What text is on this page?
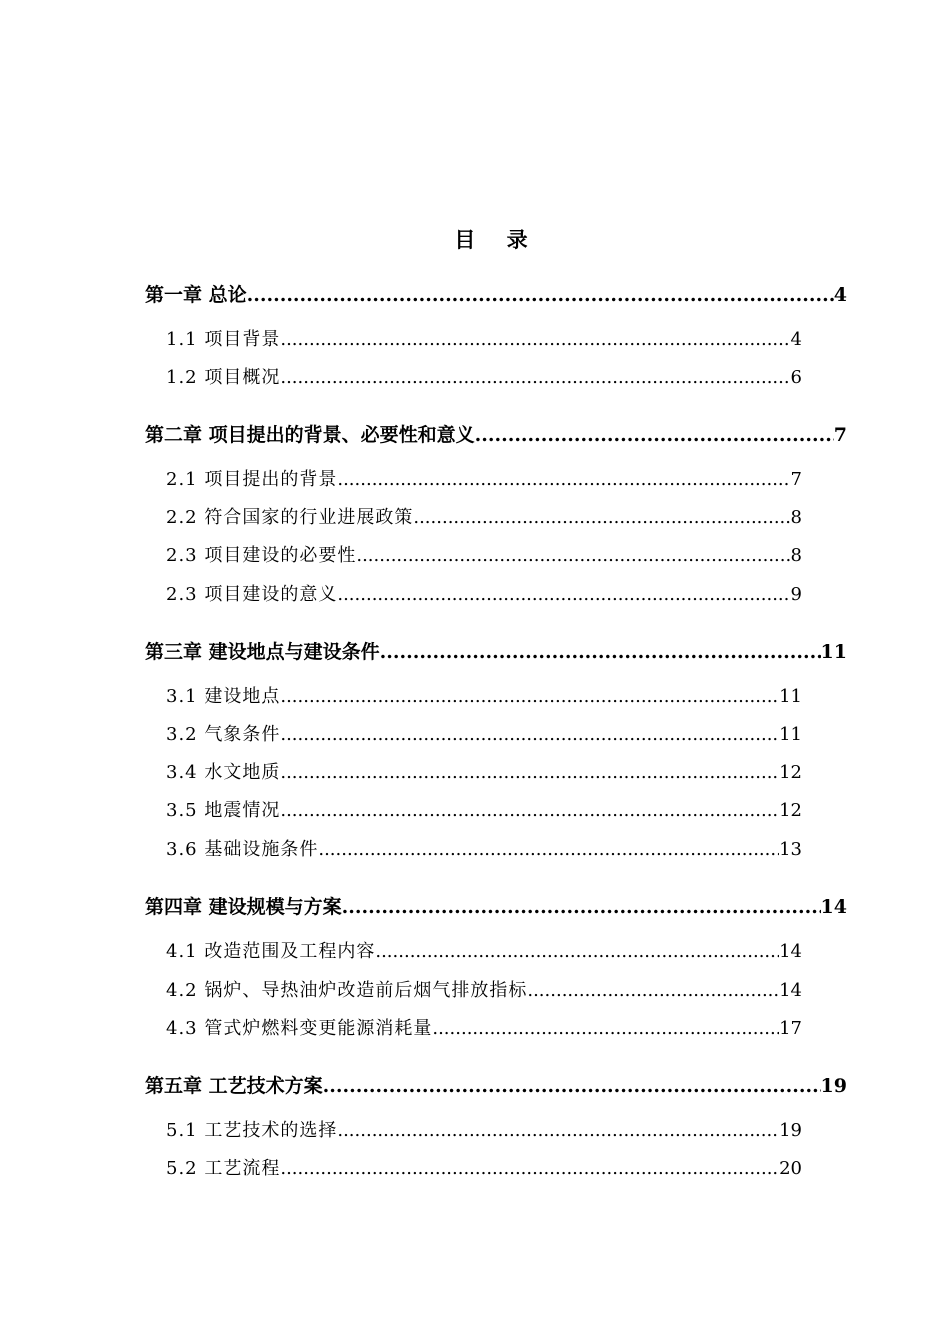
目 录
第一章 总论 .....	4
1.1 项目背景 .....	4
1.2 项目概况 .....	6
第二章 项目提出的背景、必要性和意义 .....	7
2.1 项目提出的背景 .....	7
2.2 符合国家的行业进展政策 .....	8
2.3 项目建设的必要性 .....	8
2.3 项目建设的意义 .....	9
第三章 建设地点与建设条件 .....	11
3.1 建设地点 .....	11
3.2 气象条件 .....	11
3.4 水文地质 .....	12
3.5 地震情况 .....	12
3.6 基础设施条件 .....	13
第四章 建设规模与方案 .....	14
4.1 改造范围及工程内容 .....	14
4.2 锅炉、导热油炉改造前后烟气排放指标 .....	14
4.3 管式炉燃料变更能源消耗量 .....	17
第五章 工艺技术方案 .....	19
5.1 工艺技术的选择 .....	19
5.2 工艺流程 .....	20
